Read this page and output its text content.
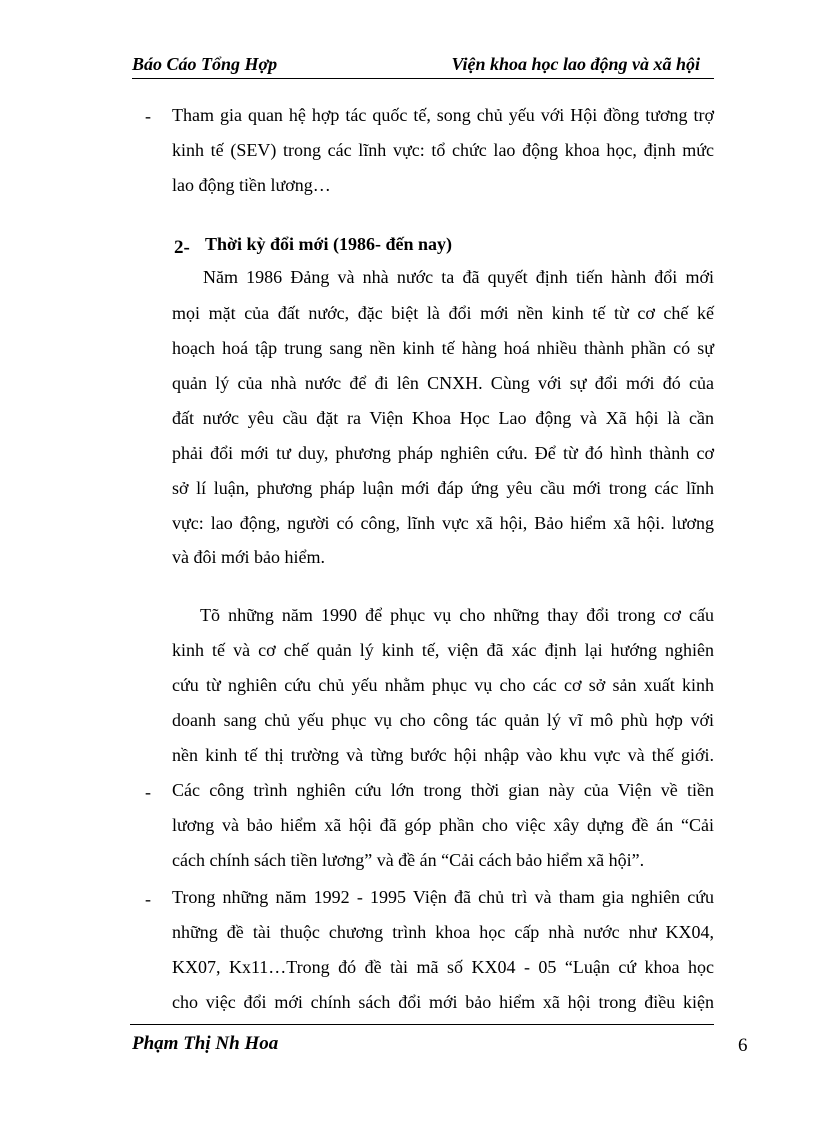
Báo Cáo Tổng Hợp	Viện khoa học lao động và xã hội
- Tham gia quan hệ hợp tác quốc tế, song chủ yếu với Hội đồng tương trợ
kinh tế (SEV) trong các lĩnh vực: tổ chức lao động khoa học, định mức
lao động tiền lương…
2- Thời kỳ đổi mới (1986- đến nay)
Năm 1986 Đảng và nhà nước ta đã quyết định tiến hành đổi mới
mọi mặt của đất nước, đặc biệt là đổi mới nền kinh tế từ cơ chế kế
hoạch hoá tập trung sang nền kinh tế hàng hoá nhiều thành phần có sự
quản lý của nhà nước để đi lên CNXH. Cùng với sự đổi mới đó của
đất nước yêu cầu đặt ra Viện Khoa Học Lao động và Xã hội là cần
phải đổi mới tư duy, phương pháp nghiên cứu. Để từ đó hình thành cơ
sở lí luận, phương pháp luận mới đáp ứng yêu cầu mới trong các lĩnh
vực: lao động, người có công, lĩnh vực xã hội, Bảo hiểm xã hội. lương
và đôi mới bảo hiểm.
Tõ những năm 1990 để phục vụ cho những thay đổi trong cơ cấu
kinh tế và cơ chế quản lý kinh tế, viện đã xác định lại hướng nghiên
cứu từ nghiên cứu chủ yếu nhằm phục vụ cho các cơ sở sản xuất kinh
doanh sang chủ yếu phục vụ cho công tác quản lý vĩ mô phù hợp với
nền kinh tế thị trường và từng bước hội nhập vào khu vực và thế giới.
- Các công trình nghiên cứu lớn trong thời gian này của Viện về tiền
lương và bảo hiểm xã hội đã góp phần cho việc xây dựng đề án “Cải
cách chính sách tiền lương” và đề án “Cải cách bảo hiểm xã hội”.
- Trong những năm 1992 - 1995 Viện đã chủ trì và tham gia nghiên cứu
những đề tài thuộc chương trình khoa học cấp nhà nước như KX04,
KX07, Kx11…Trong đó đề tài mã số KX04 - 05 “Luận cứ khoa học
cho việc đổi mới chính sách đổi mới bảo hiểm xã hội trong điều kiện
Phạm Thị Nh Hoa	6
